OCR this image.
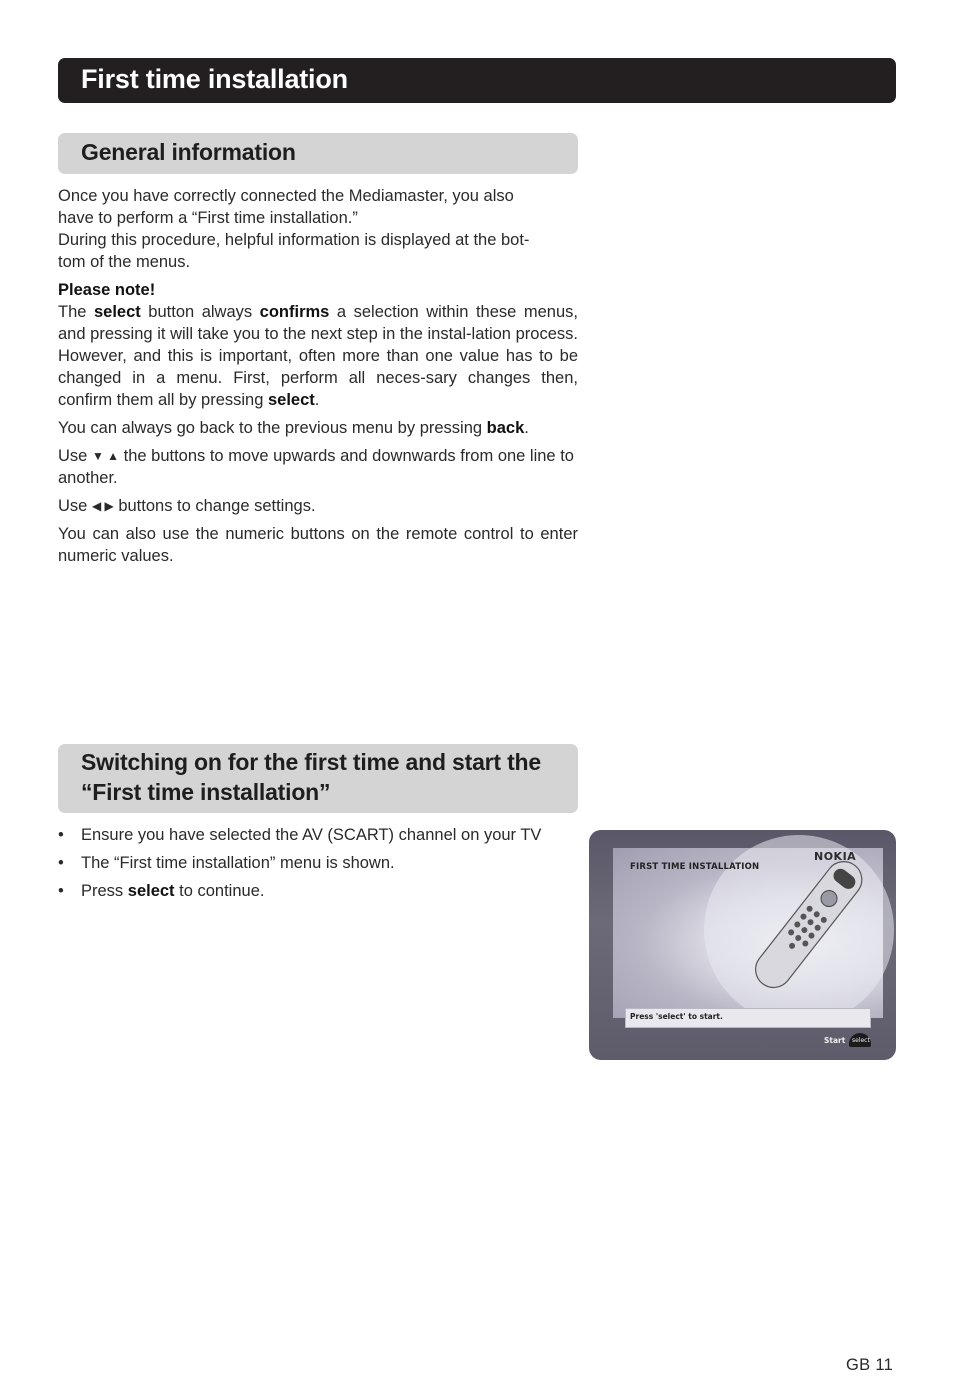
First time installation
General information

Once you have correctly connected the Mediamaster, you also
have to perform a “First time installation.”
During this procedure, helpful information is displayed at the bot-
tom of the menus.

Please note!

The select button always confirms a selection within these menus, and pressing it will take you to the next step in the instal-lation process. However, and this is important, often more than one value has to be changed in a menu. First, perform all neces-sary changes then, confirm them all by pressing select.

You can always go back to the previous menu by pressing back.

Use ▼ ▲ the buttons to move upwards and downwards from one line to another.

Use ◀ ▶ buttons to change settings.

You can also use the numeric buttons on the remote control to enter numeric values.

Switching on for the first time and start the “First time installation”
• Ensure you have selected the AV (SCART) channel on your TV
• The “First time installation” menu is shown.
• Press select to continue.
FIRST TIME INSTALLATION
NOKIA
Press 'select' to start.
Start select
GB 11
